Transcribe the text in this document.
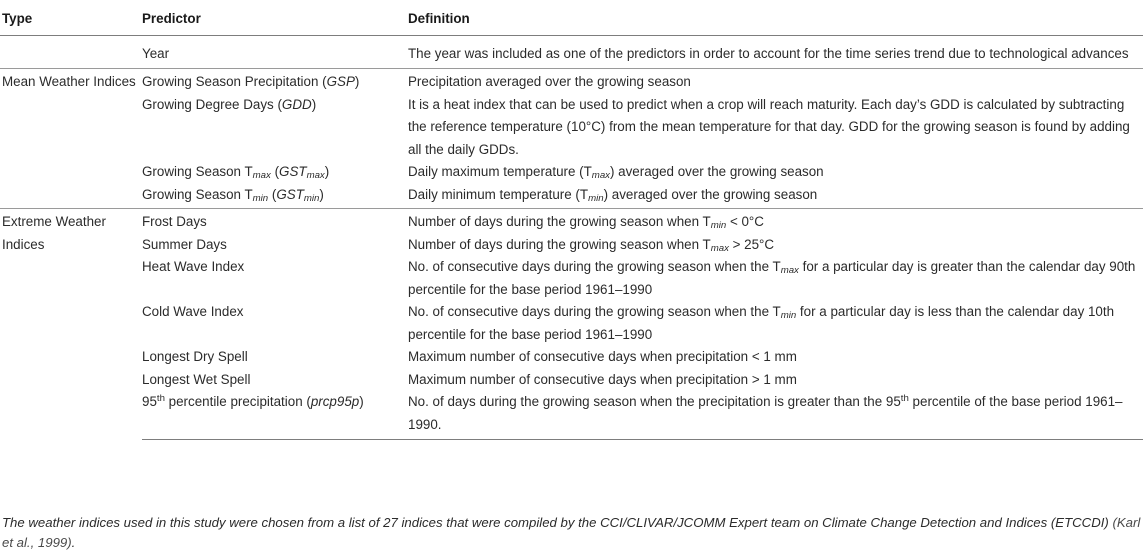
Type	Predictor	Definition
	Year	The year was included as one of the predictors in order to account for the time series trend due to technological advances
Mean Weather Indices	Growing Season Precipitation (GSP)	Precipitation averaged over the growing season
	Growing Degree Days (GDD)	It is a heat index that can be used to predict when a crop will reach maturity. Each day’s GDD is calculated by subtracting the reference temperature (10°C) from the mean temperature for that day. GDD for the growing season is found by adding all the daily GDDs.
	Growing Season $T_{max}$ $(GST_{max})$	Daily maximum temperature $(T_{max})$ averaged over the growing season
	Growing Season $T_{min}$ $(GST_{min})$	Daily minimum temperature $(T_{min})$ averaged over the growing season
Extreme Weather Indices	Frost Days	Number of days during the growing season when $T_{min} < 0^\circ C$
	Summer Days	Number of days during the growing season when $T_{max} > 25^\circ C$
	Heat Wave Index	No. of consecutive days during the growing season when the $T_{max}$ for a particular day is greater than the calendar day 90th percentile for the base period 1961–1990
	Cold Wave Index	No. of consecutive days during the growing season when the $T_{min}$ for a particular day is less than the calendar day 10th percentile for the base period 1961–1990
	Longest Dry Spell	Maximum number of consecutive days when precipitation < 1 mm
	Longest Wet Spell	Maximum number of consecutive days when precipitation > 1 mm
	95th percentile precipitation (prcp95p)	No. of days during the growing season when the precipitation is greater than the 95th percentile of the base period 1961–1990.
The weather indices used in this study were chosen from a list of 27 indices that were compiled by the CCI/CLIVAR/JCOMM Expert team on Climate Change Detection and Indices (ETCCDI) (Karl et al., 1999).
